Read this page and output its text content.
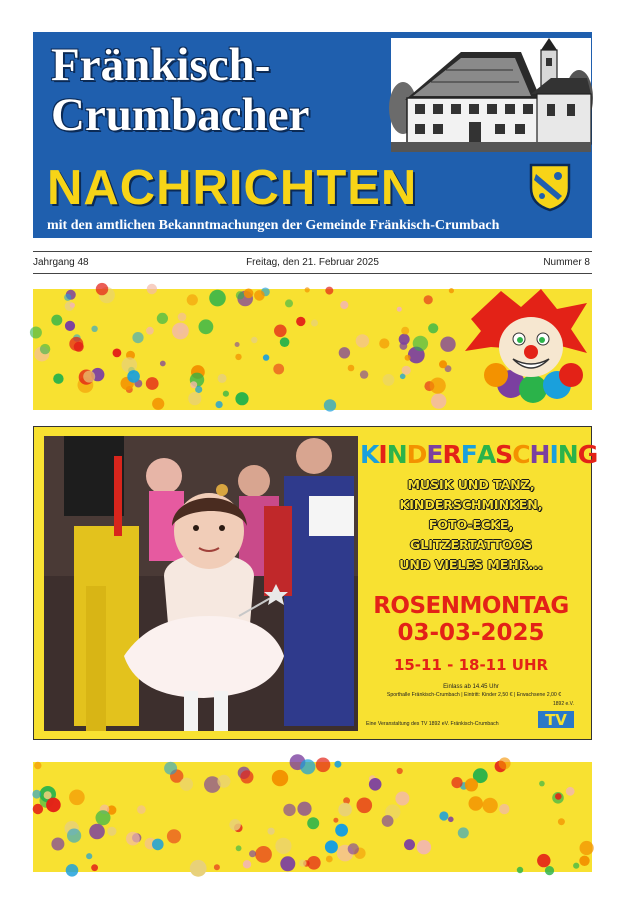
Fränkisch-
Crumbacher
NACHRICHTEN
mit den amtlichen Bekanntmachungen der Gemeinde Fränkisch-Crumbach
Jahrgang 48	Freitag, den 21. Februar 2025	Nummer 8
KINDERFASCHING
MUSIK UND TANZ,
KINDERSCHMINKEN,
FOTO-ECKE,
GLITZERTATTOOS
UND VIELES MEHR...
ROSENMONTAG
03-03-2025
15-11 - 18-11 UHR
Einlass ab 14.45 Uhr
Sporthalle Fränkisch-Crumbach | Eintritt: Kinder 2,50 € | Erwachsene 2,00 €
TV
1892 e.V.
Eine Veranstaltung des TV 1892 eV. Fränkisch-Crumbach
